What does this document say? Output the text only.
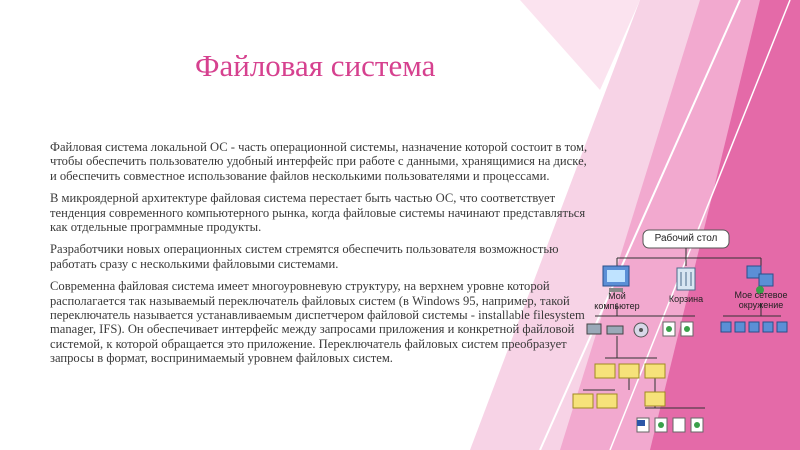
Файловая система

Файловая система локальной ОС - часть операционной системы, назначение которой состоит в том, чтобы обеспечить пользователю удобный интерфейс при работе с данными, хранящимися на диске, и обеспечить совместное использование файлов несколькими пользователями и процессами.

В микроядерной архитектуре файловая система перестает быть частью ОС, что соответствует тенденция современного компьютерного рынка, когда файловые системы начинают представляться как отдельные программные продукты.

Разработчики новых операционных систем стремятся обеспечить пользователя возможностью работать сразу с несколькими файловыми системами.

Современна файловая система имеет многоуровневую структуру, на верхнем уровне которой располагается так называемый переключатель файловых систем (в Windows 95, например, такой переключатель называется устанавливаемым диспетчером файловой системы - installable filesystem manager, IFS). Он обеспечивает интерфейс между запросами приложения и конкретной файловой системой, к которой обращается это приложение. Переключатель файловых систем преобразует запросы в формат, воспринимаемый уровнем файловых систем.

Рабочий стол
Мой компьютер
Корзина	Мое сетевое окружение
